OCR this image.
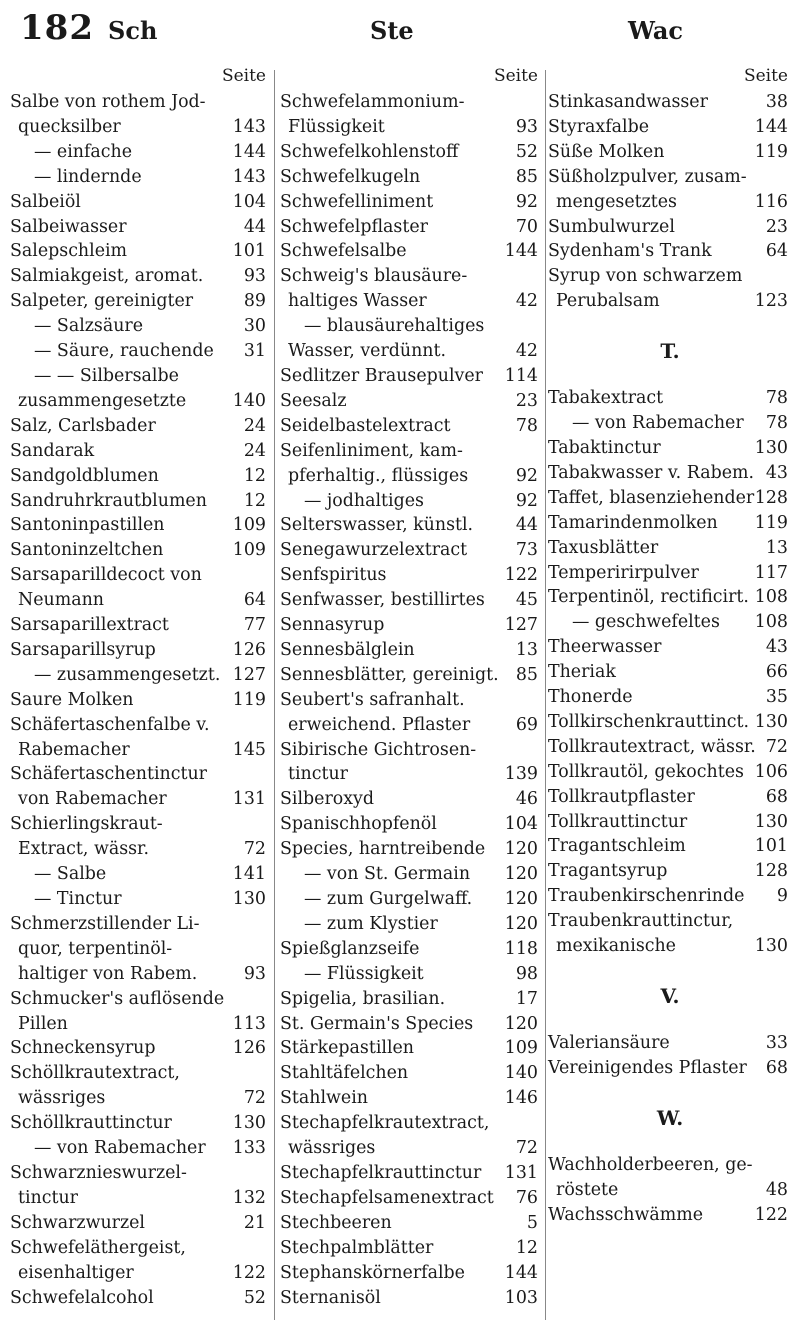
182 Sch	Ste	Wac
Seite
Salbe von rothem Jod-
quecksilber	143
— einfache	144
— lindernde	143
Salbeiöl	104
Salbeiwasser	44
Salepschleim	101
Salmiakgeist, aromat. 93
Salpeter, gereinigter	89
— Salzsäure	30
— Säure, rauchende 31
— — Silbersalbe
zusammengesetzte	140
Salz, Carlsbader	24
Sandarak	24
Sandgoldblumen	12
Sandruhrkrautblumen 12
Santoninpastillen	109
Santoninzeltchen	109
Sarsaparilldecoct von
Neumann	64
Sarsaparillextract	77
Sarsaparillsyrup	126
— zusammengesetzt. 127
Saure Molken	119
Schäfertaschenfalbe v.
Rabemacher	145
Schäfertaschentinctur
von Rabemacher	131
Schierlingskraut-
Extract, wässr.	72
— Salbe	141
— Tinctur	130
Schmerzstillender Li-
quor, terpentinöl-
haltiger von Rabem.	93
Schmucker's auflösende
Pillen	113
Schneckensyrup	126
Schöllkrautextract,
wässriges	72
Schöllkrauttinctur	130
— von Rabemacher 133
Schwarznieswurzel-
tinctur	132
Schwarzwurzel	21
Schwefeläthergeist,
eisenhaltiger	122
Schwefelalcohol	52
Seite
Schwefelammonium-
Flüssigkeit	93
Schwefelkohlenstoff	52
Schwefelkugeln	85
Schwefelliniment	92
Schwefelpflaster	70
Schwefelsalbe	144
Schweig's blausäure-
haltiges Wasser	42
— blausäurehaltiges
Wasser, verdünnt.	42
Sedlitzer Brausepulver 114
Seesalz	23
Seidelbastelextract	78
Seifenliniment, kam-
pferhaltig., flüssiges	92
— jodhaltiges	92
Selterswasser, künstl. 44
Senegawurzelextract	73
Senfspiritus	122
Senfwasser, bestillirtes 45
Sennasyrup	127
Sennesbälglein	13
Sennesblätter, gereinigt. 85
Seubert's safranhalt.
erweichend. Pflaster	69
Sibirische Gichtrosen-
tinctur	139
Silberoxyd	46
Spanischhopfenöl	104
Species, harntreibende 120
— von St. Germain 120
— zum Gurgelwaff. 120
— zum Klystier	120
Spießglanzseife	118
— Flüssigkeit	98
Spigelia, brasilian.	17
St. Germain's Species 120
Stärkepastillen	109
Stahltäfelchen	140
Stahlwein	146
Stechapfelkrautextract,
wässriges	72
Stechapfelkrauttinctur 131
Stechapfelsamenextract 76
Stechbeeren	5
Stechpalmblätter	12
Stephanskörnerfalbe 144
Sternanisöl	103
Seite
Stinkasandwasser	38
Styraxfalbe	144
Süße Molken	119
Süßholzpulver, zusam-
mengesetztes	116
Sumbulwurzel	23
Sydenham's Trank	64
Syrup von schwarzem
Perubalsam	123
T.
Tabakextract	78
— von Rabemacher 78
Tabaktinctur	130
Tabakwasser v. Rabem. 43
Taffet, blasenziehender 128
Tamarindenmolken 119
Taxusblätter	13
Temperirirpulver	117
Terpentinöl, rectificirt. 108
— geschwefeltes 108
Theerwasser	43
Theriak	66
Thonerde	35
Tollkirschenkrauttinct. 130
Tollkrautextract, wässr. 72
Tollkrautöl, gekochtes 106
Tollkrautpflaster	68
Tollkrauttinctur	130
Tragantschleim	101
Tragantsyrup	128
Traubenkirschenrinde 9
Traubenkrauttinctur,
mexikanische	130
V.
Valeriansäure	33
Vereinigendes Pflaster 68
W.
Wachholderbeeren, ge-
röstete	48
Wachsschwämme	122
